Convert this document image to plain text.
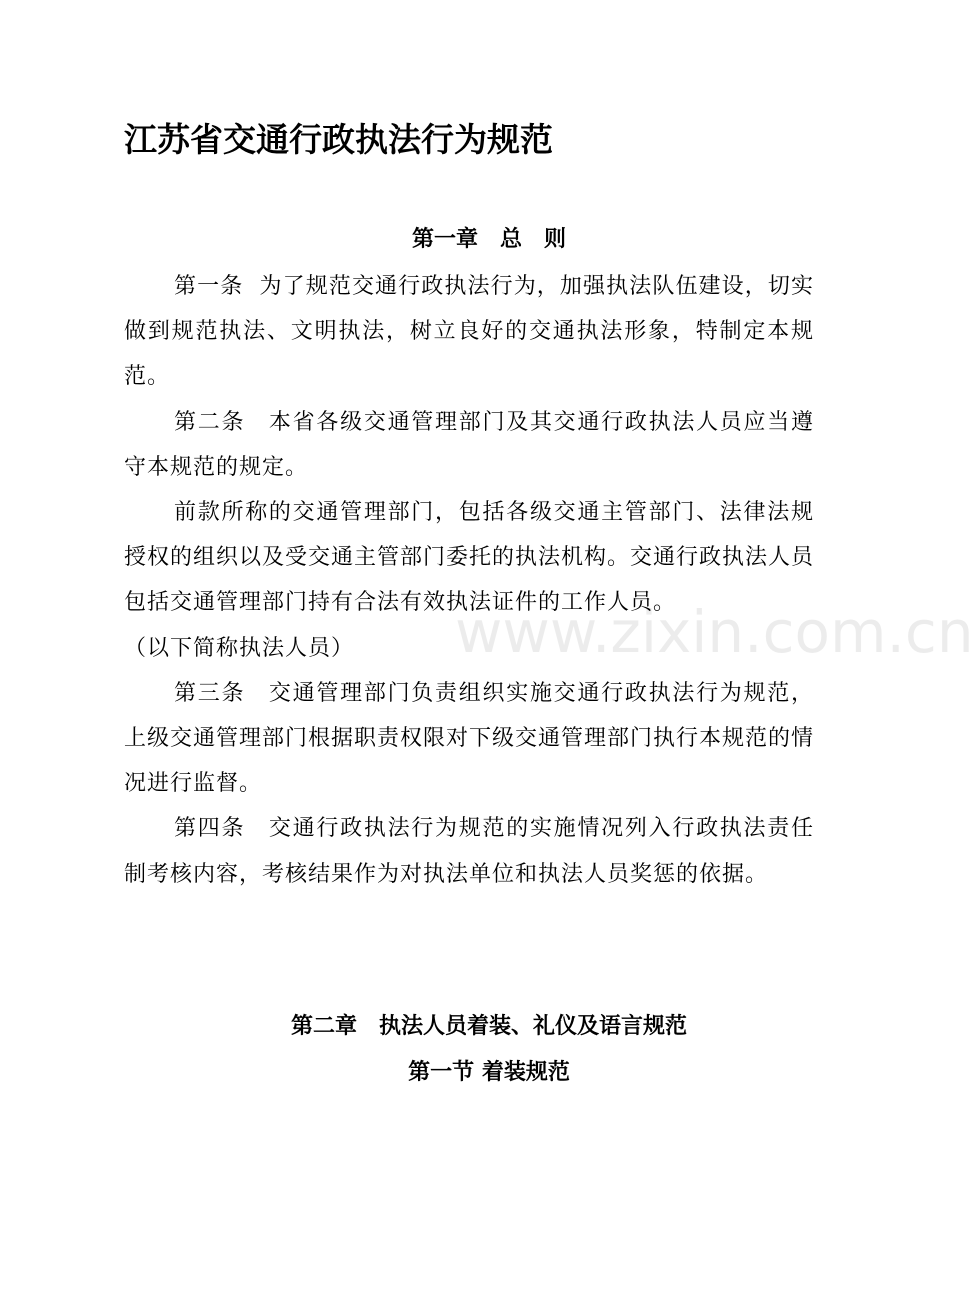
江苏省交通行政执法行为规范
第一章　总　则

第一条  为了规范交通行政执法行为，加强执法队伍建设，切实做到规范执法、文明执法，树立良好的交通执法形象，特制定本规范。

第二条　本省各级交通管理部门及其交通行政执法人员应当遵守本规范的规定。

前款所称的交通管理部门，包括各级交通主管部门、法律法规授权的组织以及受交通主管部门委托的执法机构。交通行政执法人员包括交通管理部门持有合法有效执法证件的工作人员。

（以下简称执法人员）

第三条　交通管理部门负责组织实施交通行政执法行为规范，上级交通管理部门根据职责权限对下级交通管理部门执行本规范的情况进行监督。

第四条　交通行政执法行为规范的实施情况列入行政执法责任制考核内容，考核结果作为对执法单位和执法人员奖惩的依据。

第二章　执法人员着装、礼仪及语言规范
第一节 着装规范
www.zixin.com.cn
